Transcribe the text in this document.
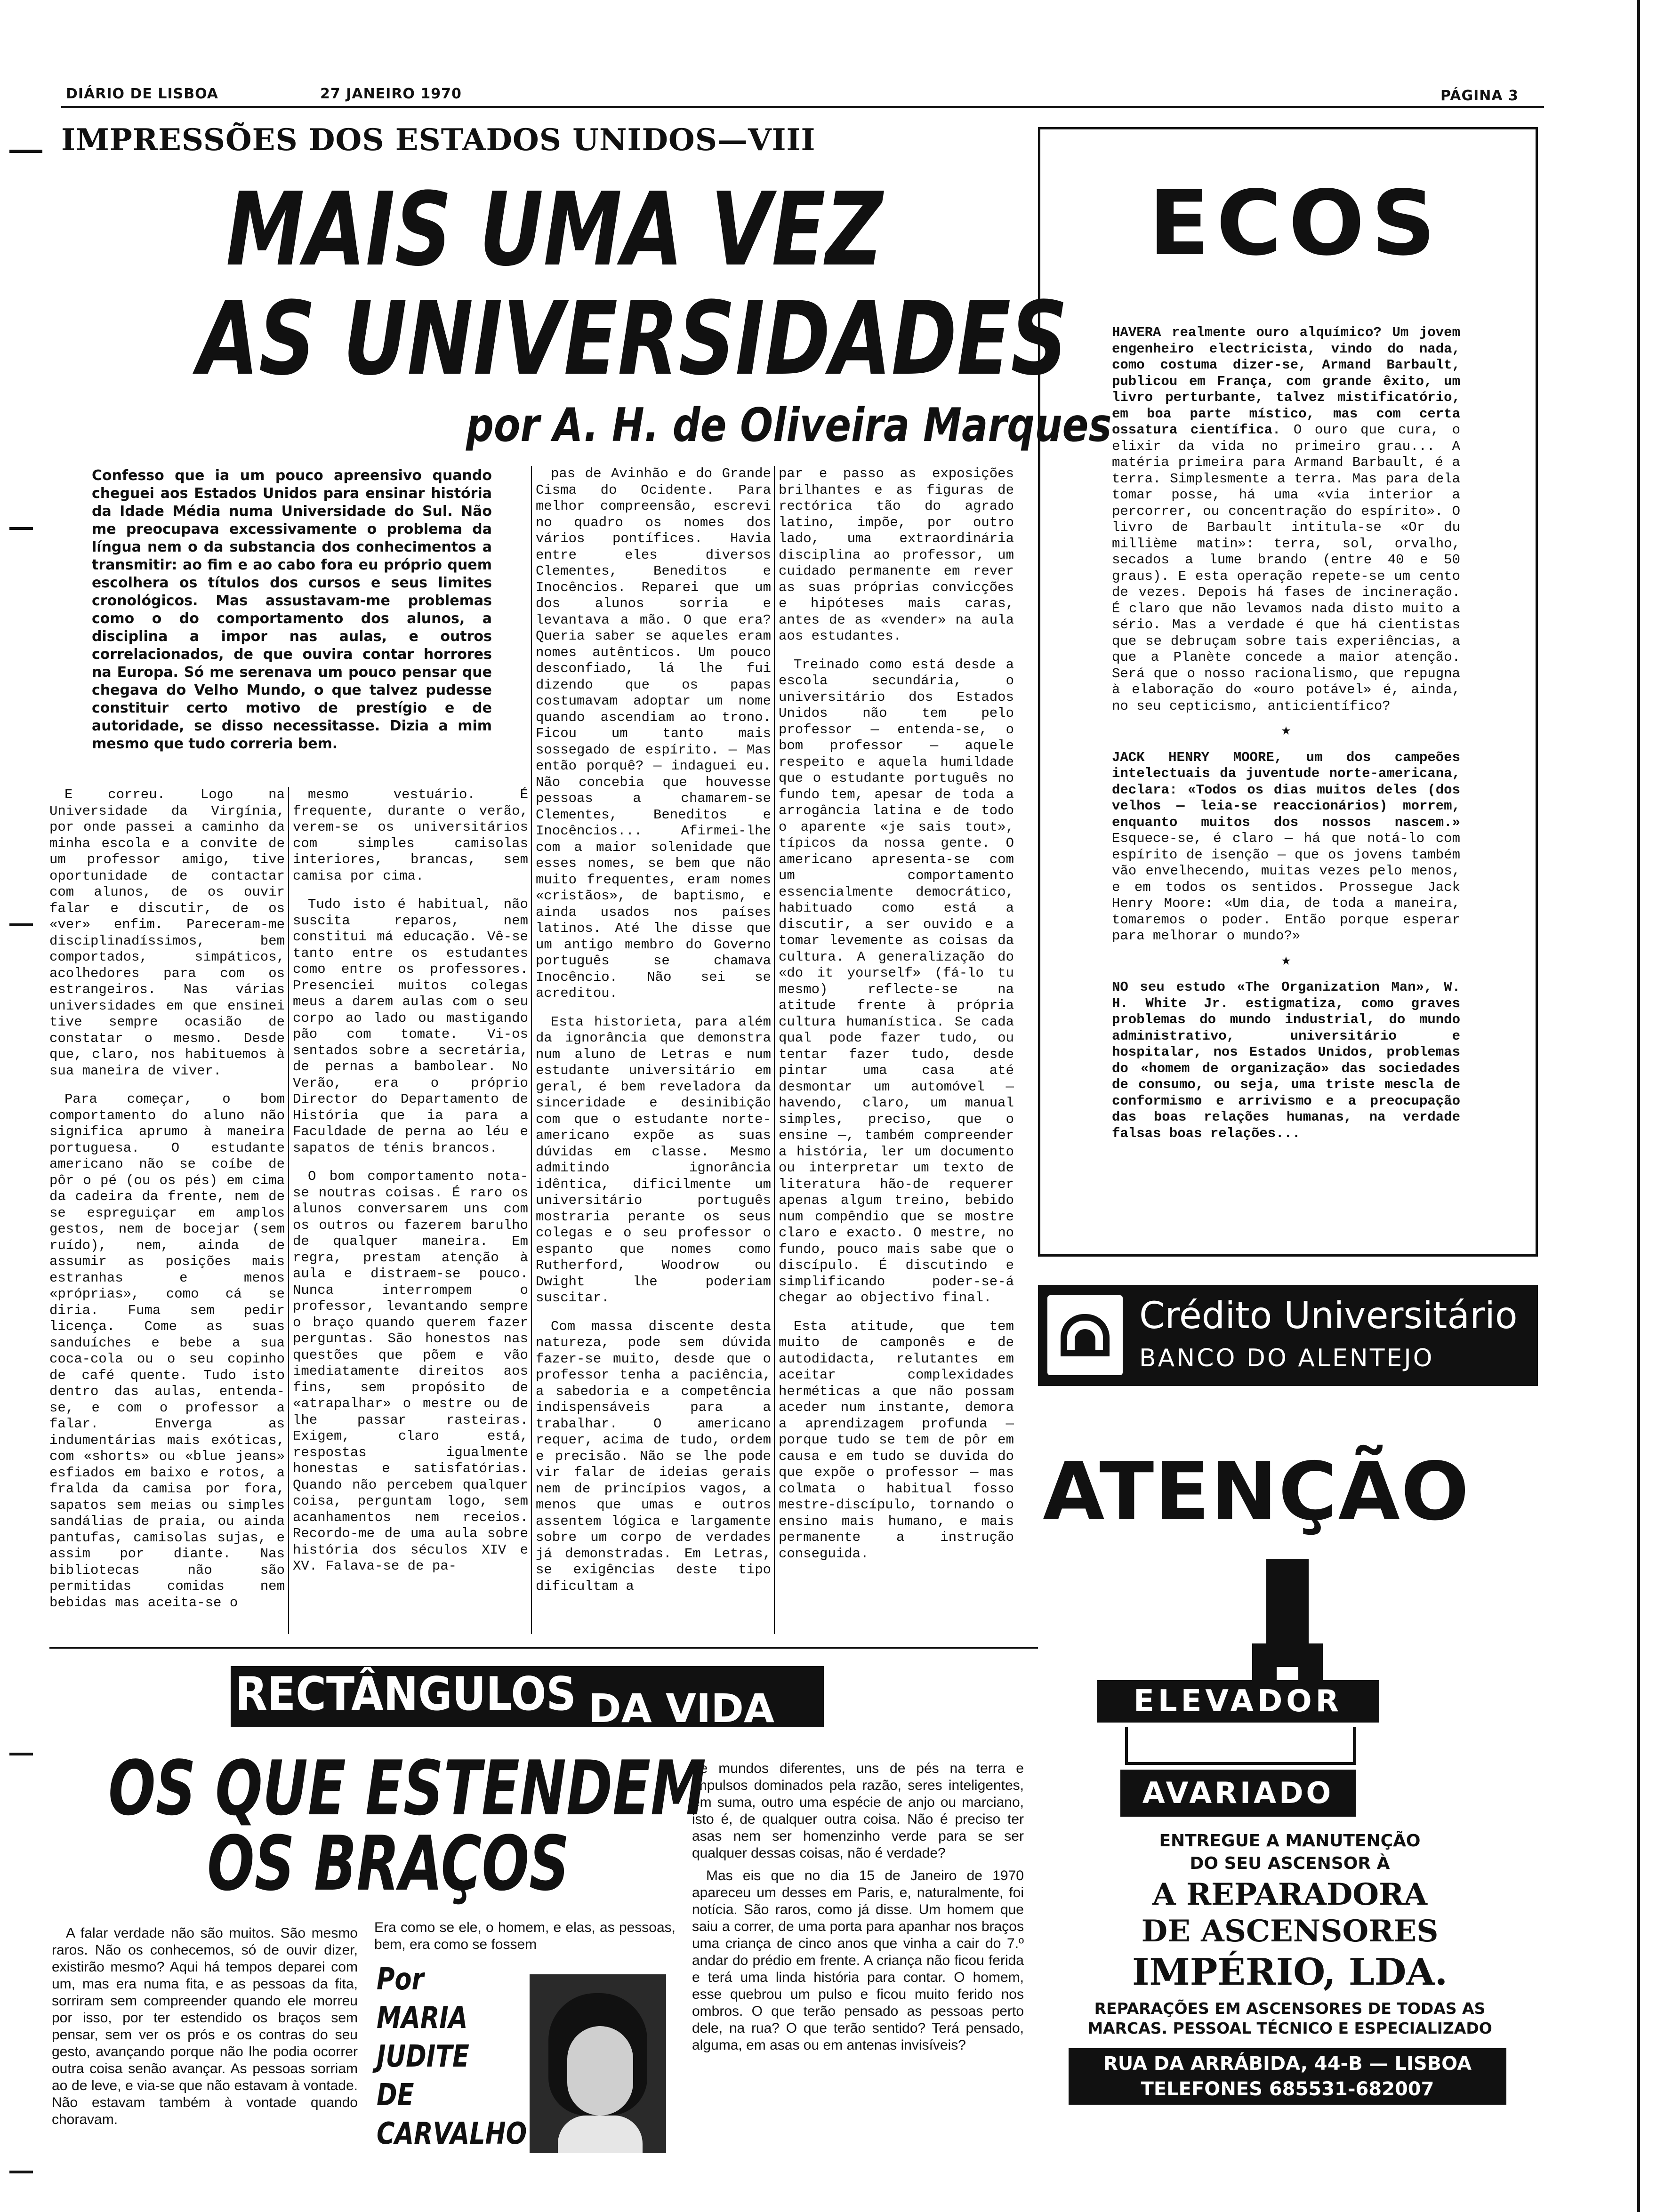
DIÁRIO DE LISBOA	27 JANEIRO 1970	PÁGINA 3
IMPRESSÕES DOS ESTADOS UNIDOS—VIII
MAIS UMA VEZ
AS UNIVERSIDADES
por A. H. de Oliveira Marques
Confesso que ia um pouco apreensivo quando cheguei aos Estados Unidos para ensinar história da Idade Média numa Universidade do Sul. Não me preocupava excessivamente o problema da língua nem o da substancia dos conhecimentos a transmitir: ao fim e ao cabo fora eu próprio quem escolhera os títulos dos cursos e seus limites cronológicos. Mas assustavam-me problemas como o do comportamento dos alunos, a disciplina a impor nas aulas, e outros correlacionados, de que ouvira contar horrores na Europa. Só me serenava um pouco pensar que chegava do Velho Mundo, o que talvez pudesse constituir certo motivo de prestígio e de autoridade, se disso necessitasse. Dizia a mim mesmo que tudo correria bem.

E correu. Logo na Universidade da Virgínia, por onde passei a caminho da minha escola e a convite de um professor amigo, tive oportunidade de contactar com alunos, de os ouvir falar e discutir, de os «ver» enfim. Pareceram-me disciplinadíssimos, bem comportados, simpáticos, acolhedores para com os estrangeiros. Nas várias universidades em que ensinei tive sempre ocasião de constatar o mesmo. Desde que, claro, nos habituemos à sua maneira de viver.

Para começar, o bom comportamento do aluno não significa aprumo à maneira portuguesa. O estudante americano não se coíbe de pôr o pé (ou os pés) em cima da cadeira da frente, nem de se espreguiçar em amplos gestos, nem de bocejar (sem ruído), nem, ainda de assumir as posições mais estranhas e menos «próprias», como cá se diria. Fuma sem pedir licença. Come as suas sanduíches e bebe a sua coca-cola ou o seu copinho de café quente. Tudo isto dentro das aulas, entenda-se, e com o professor a falar. Enverga as indumentárias mais exóticas, com «shorts» ou «blue jeans» esfiados em baixo e rotos, a fralda da camisa por fora, sapatos sem meias ou simples sandálias de praia, ou ainda pantufas, camisolas sujas, e assim por diante. Nas bibliotecas não são permitidas comidas nem bebidas mas aceita-se o

mesmo vestuário. É frequente, durante o verão, verem-se os universitários com simples camisolas interiores, brancas, sem camisa por cima.

Tudo isto é habitual, não suscita reparos, nem constitui má educação. Vê-se tanto entre os estudantes como entre os professores. Presenciei muitos colegas meus a darem aulas com o seu corpo ao lado ou mastigando pão com tomate. Vi-os sentados sobre a secretária, de pernas a bambolear. No Verão, era o próprio Director do Departamento de História que ia para a Faculdade de perna ao léu e sapatos de ténis brancos.

O bom comportamento nota-se noutras coisas. É raro os alunos conversarem uns com os outros ou fazerem barulho de qualquer maneira. Em regra, prestam atenção à aula e distraem-se pouco. Nunca interrompem o professor, levantando sempre o braço quando querem fazer perguntas. São honestos nas questões que põem e vão imediatamente direitos aos fins, sem propósito de «atrapalhar» o mestre ou de lhe passar rasteiras. Exigem, claro está, respostas igualmente honestas e satisfatórias. Quando não percebem qualquer coisa, perguntam logo, sem acanhamentos nem receios. Recordo-me de uma aula sobre história dos séculos XIV e XV. Falava-se de pa-

pas de Avinhão e do Grande Cisma do Ocidente. Para melhor compreensão, escrevi no quadro os nomes dos vários pontífices. Havia entre eles diversos Clementes, Beneditos e Inocêncios. Reparei que um dos alunos sorria e levantava a mão. O que era? Queria saber se aqueles eram nomes autênticos. Um pouco desconfiado, lá lhe fui dizendo que os papas costumavam adoptar um nome quando ascendiam ao trono. Ficou um tanto mais sossegado de espírito. — Mas então porquê? — indaguei eu. Não concebia que houvesse pessoas a chamarem-se Clementes, Beneditos e Inocêncios... Afirmei-lhe com a maior solenidade que esses nomes, se bem que não muito frequentes, eram nomes «cristãos», de baptismo, e ainda usados nos países latinos. Até lhe disse que um antigo membro do Governo português se chamava Inocêncio. Não sei se acreditou.

Esta historieta, para além da ignorância que demonstra num aluno de Letras e num estudante universitário em geral, é bem reveladora da sinceridade e desinibição com que o estudante norte-americano expõe as suas dúvidas em classe. Mesmo admitindo ignorância idêntica, dificilmente um universitário português mostraria perante os seus colegas e o seu professor o espanto que nomes como Rutherford, Woodrow ou Dwight lhe poderiam suscitar.

Com massa discente desta natureza, pode sem dúvida fazer-se muito, desde que o professor tenha a paciência, a sabedoria e a competência indispensáveis para a trabalhar. O americano requer, acima de tudo, ordem e precisão. Não se lhe pode vir falar de ideias gerais nem de princípios vagos, a menos que umas e outros assentem lógica e largamente sobre um corpo de verdades já demonstradas. Em Letras, se exigências deste tipo dificultam a

par e passo as exposições brilhantes e as figuras de rectórica tão do agrado latino, impõe, por outro lado, uma extraordinária disciplina ao professor, um cuidado permanente em rever as suas próprias convicções e hipóteses mais caras, antes de as «vender» na aula aos estudantes.

Treinado como está desde a escola secundária, o universitário dos Estados Unidos não tem pelo professor — entenda-se, o bom professor — aquele respeito e aquela humildade que o estudante português no fundo tem, apesar de toda a arrogância latina e de todo o aparente «je sais tout», típicos da nossa gente. O americano apresenta-se com um comportamento essencialmente democrático, habituado como está a discutir, a ser ouvido e a tomar levemente as coisas da cultura. A generalização do «do it yourself» (fá-lo tu mesmo) reflecte-se na atitude frente à própria cultura humanística. Se cada qual pode fazer tudo, ou tentar fazer tudo, desde pintar uma casa até desmontar um automóvel — havendo, claro, um manual simples, preciso, que o ensine —, também compreender a história, ler um documento ou interpretar um texto de literatura hão-de requerer apenas algum treino, bebido num compêndio que se mostre claro e exacto. O mestre, no fundo, pouco mais sabe que o discípulo. É discutindo e simplificando poder-se-á chegar ao objectivo final.

Esta atitude, que tem muito de camponês e de autodidacta, relutantes em aceitar complexidades herméticas a que não possam aceder num instante, demora a aprendizagem profunda — porque tudo se tem de pôr em causa e em tudo se duvida do que expõe o professor — mas colmata o habitual fosso mestre-discípulo, tornando o ensino mais humano, e mais permanente a instrução conseguida.

ECOS

HAVERA realmente ouro alquímico? Um jovem engenheiro electricista, vindo do nada, como costuma dizer-se, Armand Barbault, publicou em França, com grande êxito, um livro perturbante, talvez mistificatório, em boa parte místico, mas com certa ossatura científica. O ouro que cura, o elixir da vida no primeiro grau... A matéria primeira para Armand Barbault, é a terra. Simplesmente a terra. Mas para dela tomar posse, há uma «via interior a percorrer, ou concentração do espírito». O livro de Barbault intitula-se «Or du millième matin»: terra, sol, orvalho, secados a lume brando (entre 40 e 50 graus). E esta operação repete-se um cento de vezes. Depois há fases de incineração. É claro que não levamos nada disto muito a sério. Mas a verdade é que há cientistas que se debruçam sobre tais experiências, a que a Planète concede a maior atenção. Será que o nosso racionalismo, que repugna à elaboração do «ouro potável» é, ainda, no seu cepticismo, anticientífico?

★

JACK HENRY MOORE, um dos campeões intelectuais da juventude norte-americana, declara: «Todos os dias muitos deles (dos velhos — leia-se reaccionários) morrem, enquanto muitos dos nossos nascem.» Esquece-se, é claro — há que notá-lo com espírito de isenção — que os jovens também vão envelhecendo, muitas vezes pelo menos, e em todos os sentidos. Prossegue Jack Henry Moore: «Um dia, de toda a maneira, tomaremos o poder. Então porque esperar para melhorar o mundo?»

★

NO seu estudo «The Organization Man», W. H. White Jr. estigmatiza, como graves problemas do mundo industrial, do mundo administrativo, universitário e hospitalar, nos Estados Unidos, problemas do «homem de organização» das sociedades de consumo, ou seja, uma triste mescla de conformismo e arrivismo e a preocupação das boas relações humanas, na verdade falsas boas relações...

Crédito Universitário
BANCO DO ALENTEJO
ATENÇÃO
ELEVADOR
AVARIADO
ENTREGUE A MANUTENÇÃO
DO SEU ASCENSOR À
A REPARADORA
DE ASCENSORES
IMPÉRIO, LDA.
REPARAÇÕES EM ASCENSORES DE TODAS AS
MARCAS. PESSOAL TÉCNICO E ESPECIALIZADO
RUA DA ARRÁBIDA, 44-B — LISBOA
TELEFONES 685531-682007
RECTÂNGULOS DA VIDA
OS QUE ESTENDEM
OS BRAÇOS

A falar verdade não são muitos. São mesmo raros. Não os conhecemos, só de ouvir dizer, existirão mesmo? Aqui há tempos deparei com um, mas era numa fita, e as pessoas da fita, sorriram sem compreender quando ele morreu por isso, por ter estendido os braços sem pensar, sem ver os prós e os contras do seu gesto, avançando porque não lhe podia ocorrer outra coisa senão avançar. As pessoas sorriam ao de leve, e via-se que não estavam à vontade. Não estavam também à vontade quando choravam.

Era como se ele, o homem, e elas, as pessoas, bem, era como se fossem

Por
MARIA
JUDITE
DE
CARVALHO

de mundos diferentes, uns de pés na terra e impulsos dominados pela razão, seres inteligentes, em suma, outro uma espécie de anjo ou marciano, isto é, de qualquer outra coisa. Não é preciso ter asas nem ser homenzinho verde para se ser qualquer dessas coisas, não é verdade?

Mas eis que no dia 15 de Janeiro de 1970 apareceu um desses em Paris, e, naturalmente, foi notícia. São raros, como já disse. Um homem que saiu a correr, de uma porta para apanhar nos braços uma criança de cinco anos que vinha a cair do 7.º andar do prédio em frente. A criança não ficou ferida e terá uma linda história para contar. O homem, esse quebrou um pulso e ficou muito ferido nos ombros. O que terão pensado as pessoas perto dele, na rua? O que terão sentido? Terá pensado, alguma, em asas ou em antenas invisíveis?
